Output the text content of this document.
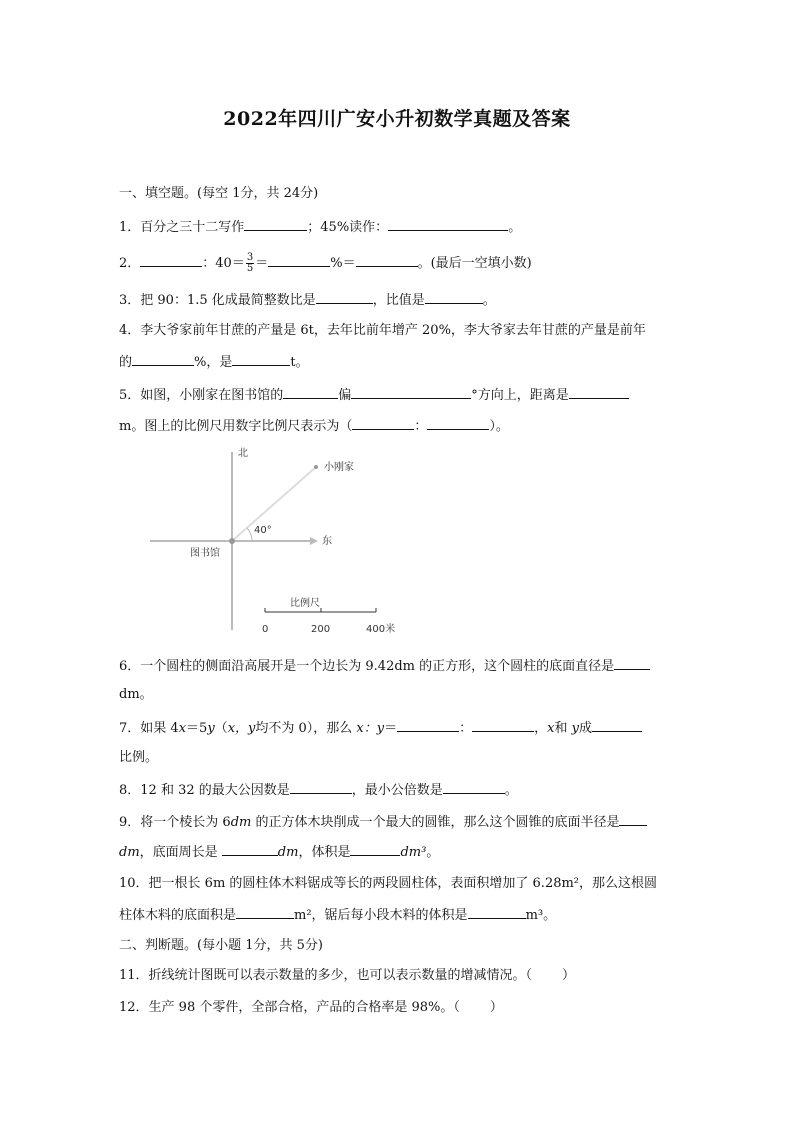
2022年四川广安小升初数学真题及答案
一、填空题。(每空 1分，共 24分)
1．百分之三十二写作	；45%读作：	。
2．	：$40= \frac{3}{5}$ ＝	%＝	。(最后一空填小数)
3．把 90：1.5 化成最简整数比是	，比值是	。
4．李大爷家前年甘蔗的产量是 6t，去年比前年增产 20%，李大爷家去年甘蔗的产量是前年
的	%，是	t。
5．如图，小刚家在图书馆的	偏	°方向上，距离是
m。图上的比例尺用数字比例尺表示为（	：	）。
北
东
小刚家
图书馆
40°
比例尺
0	200	400米
6．一个圆柱的侧面沿高展开是一个边长为 9.42dm 的正方形，这个圆柱的底面直径是
dm。
7．如果 4x＝5y（x，y均不为 0），那么 x：y＝	：	，x和 y成
比例。
8．12 和 32 的最大公因数是	，最小公倍数是	。
9．将一个棱长为 6dm 的正方体木块削成一个最大的圆锥，那么这个圆锥的底面半径是
dm，底面周长是	dm，体积是	dm³。
10．把一根长 6m 的圆柱体木料锯成等长的两段圆柱体，表面积增加了 6.28m²，那么这根圆
柱体木料的底面积是	m²，锯后每小段木料的体积是	m³。
二、判断题。(每小题 1分，共 5分)
11．折线统计图既可以表示数量的多少，也可以表示数量的增减情况。（ ）
12．生产 98 个零件，全部合格，产品的合格率是 98%。（ ）
